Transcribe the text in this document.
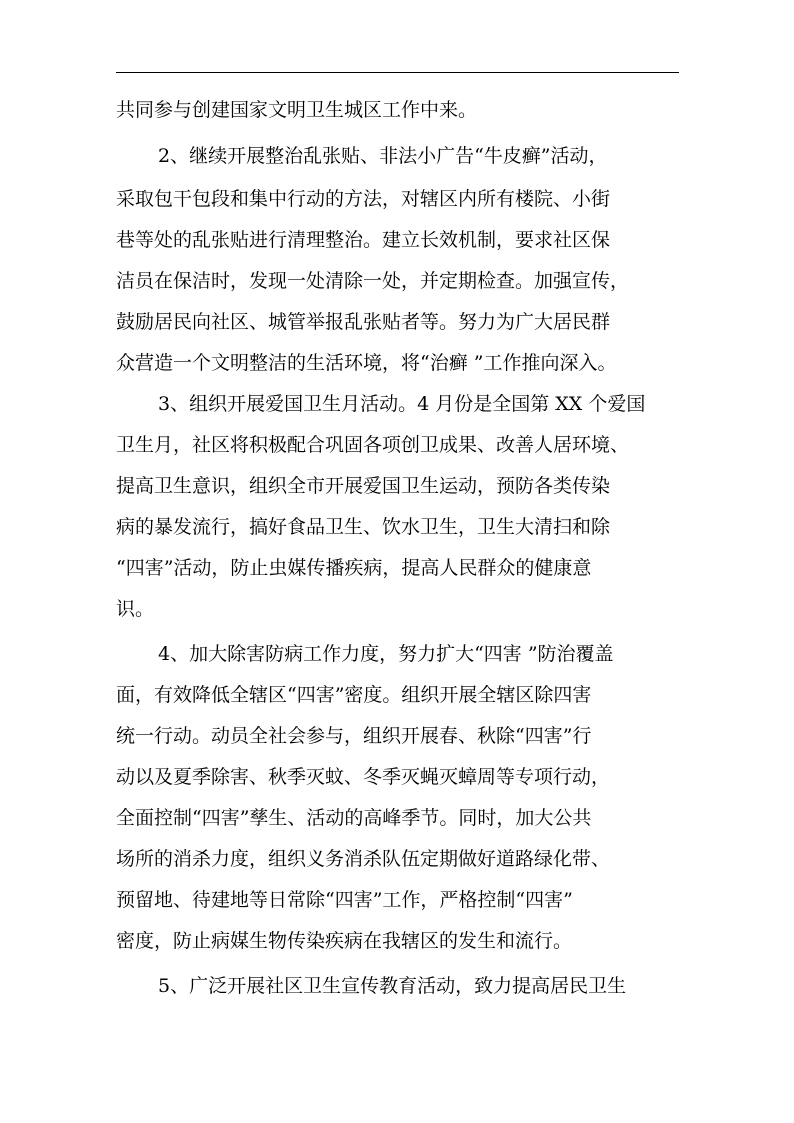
共同参与创建国家文明卫生城区工作中来。
2、继续开展整治乱张贴、非法小广告“牛皮癣”活动，
采取包干包段和集中行动的方法，对辖区内所有楼院、小街
巷等处的乱张贴进行清理整治。建立长效机制，要求社区保
洁员在保洁时，发现一处清除一处，并定期检查。加强宣传，
鼓励居民向社区、城管举报乱张贴者等。努力为广大居民群
众营造一个文明整洁的生活环境，将“治癣 ”工作推向深入。
3、组织开展爱国卫生月活动。4 月份是全国第 XX 个爱国
卫生月，社区将积极配合巩固各项创卫成果、改善人居环境、
提高卫生意识，组织全市开展爱国卫生运动，预防各类传染
病的暴发流行，搞好食品卫生、饮水卫生，卫生大清扫和除
“四害”活动，防止虫媒传播疾病，提高人民群众的健康意
识。
4、加大除害防病工作力度，努力扩大“四害 ”防治覆盖
面，有效降低全辖区“四害”密度。组织开展全辖区除四害
统一行动。动员全社会参与，组织开展春、秋除“四害”行
动以及夏季除害、秋季灭蚊、冬季灭蝇灭蟑周等专项行动，
全面控制“四害”孳生、活动的高峰季节。同时，加大公共
场所的消杀力度，组织义务消杀队伍定期做好道路绿化带、
预留地、待建地等日常除“四害”工作，严格控制“四害”
密度，防止病媒生物传染疾病在我辖区的发生和流行。
5、广泛开展社区卫生宣传教育活动，致力提高居民卫生
